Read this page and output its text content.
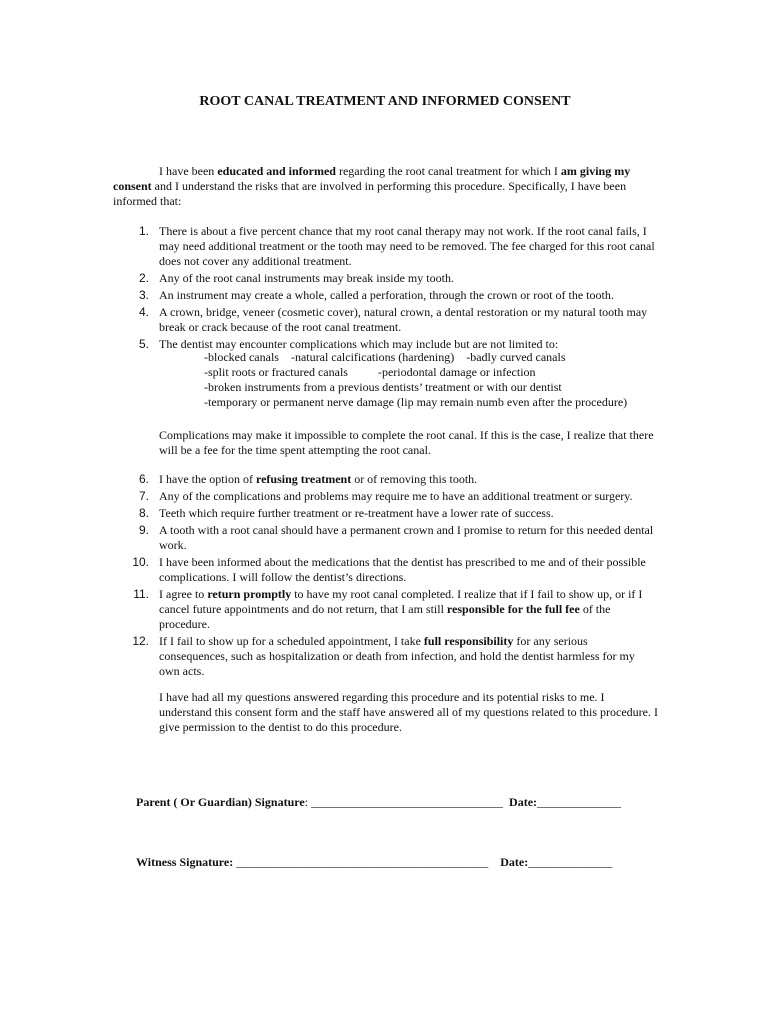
ROOT CANAL TREATMENT AND INFORMED CONSENT
I have been educated and informed regarding the root canal treatment for which I am giving my consent and I understand the risks that are involved in performing this procedure. Specifically, I have been informed that:
1. There is about a five percent chance that my root canal therapy may not work. If the root canal fails, I may need additional treatment or the tooth may need to be removed. The fee charged for this root canal does not cover any additional treatment.
2. Any of the root canal instruments may break inside my tooth.
3. An instrument may create a whole, called a perforation, through the crown or root of the tooth.
4. A crown, bridge, veneer (cosmetic cover), natural crown, a dental restoration or my natural tooth may break or crack because of the root canal treatment.
5. The dentist may encounter complications which may include but are not limited to:
-blocked canals    -natural calcifications (hardening)    -badly curved canals
-split roots or fractured canals          -periodontal damage or infection
-broken instruments from a previous dentists’ treatment or with our dentist
-temporary or permanent nerve damage (lip may remain numb even after the procedure)
Complications may make it impossible to complete the root canal. If this is the case, I realize that there will be a fee for the time spent attempting the root canal.
6. I have the option of refusing treatment or of removing this tooth.
7. Any of the complications and problems may require me to have an additional treatment or surgery.
8. Teeth which require further treatment or re-treatment have a lower rate of success.
9. A tooth with a root canal should have a permanent crown and I promise to return for this needed dental work.
10. I have been informed about the medications that the dentist has prescribed to me and of their possible complications. I will follow the dentist’s directions.
11. I agree to return promptly to have my root canal completed. I realize that if I fail to show up, or if I cancel future appointments and do not return, that I am still responsible for the full fee of the procedure.
12. If I fail to show up for a scheduled appointment, I take full responsibility for any serious consequences, such as hospitalization or death from infection, and hold the dentist harmless for my own acts.
I have had all my questions answered regarding this procedure and its potential risks to me. I understand this consent form and the staff have answered all of my questions related to this procedure. I give permission to the dentist to do this procedure.
Parent ( Or Guardian) Signature: ________________________________ Date:______________
Witness Signature: __________________________________________ Date:______________
